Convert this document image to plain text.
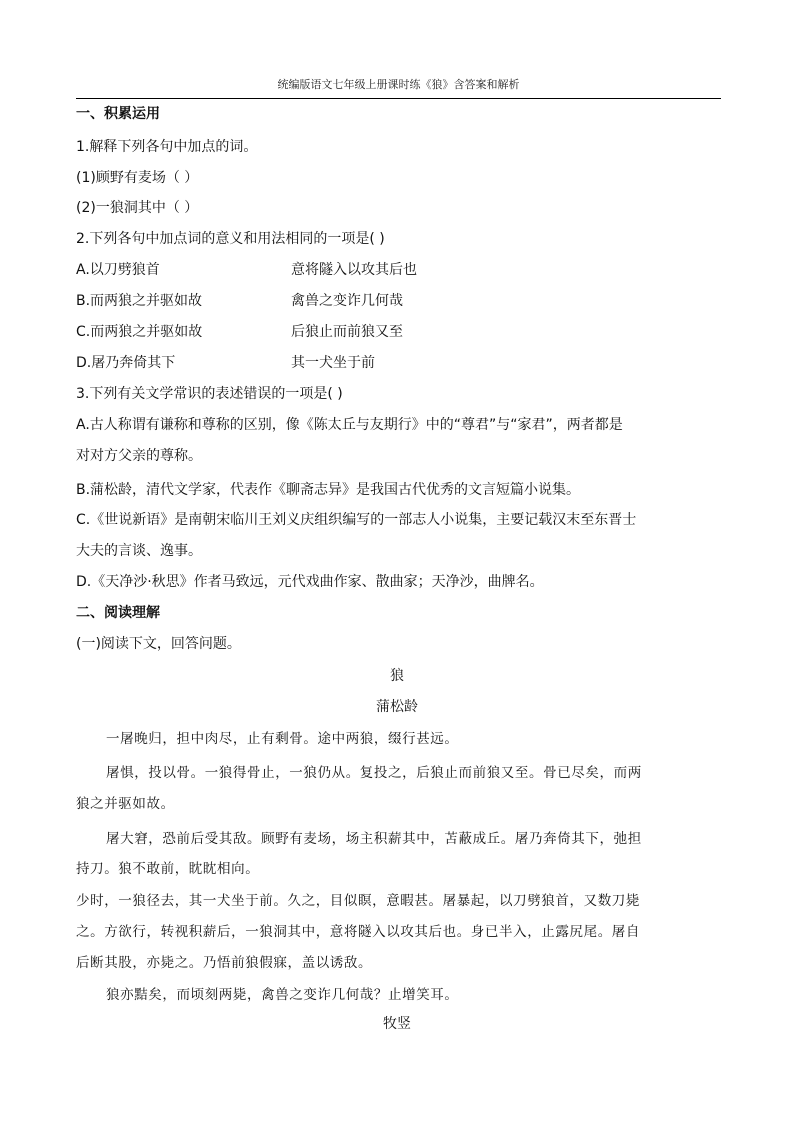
统编版语文七年级上册课时练《狼》含答案和解析
一、积累运用
1.解释下列各句中加点的词。
(1)顾野有麦场（ ）
(2)一狼洞其中（ ）
2.下列各句中加点词的意义和用法相同的一项是( )
A.以刀劈狼首	意将隧入以攻其后也
B.而两狼之并驱如故	禽兽之变诈几何哉
C.而两狼之并驱如故	后狼止而前狼又至
D.屠乃奔倚其下	其一犬坐于前
3.下列有关文学常识的表述错误的一项是( )
A.古人称谓有谦称和尊称的区别，像《陈太丘与友期行》中的“尊君”与“家君”，两者都是
对对方父亲的尊称。
B.蒲松龄，清代文学家，代表作《聊斋志异》是我国古代优秀的文言短篇小说集。
C.《世说新语》是南朝宋临川王刘义庆组织编写的一部志人小说集，主要记载汉末至东晋士
大夫的言谈、逸事。
D.《天净沙·秋思》作者马致远，元代戏曲作家、散曲家；天净沙，曲牌名。
二、阅读理解
(一)阅读下文，回答问题。
狼
蒲松龄
一屠晚归，担中肉尽，止有剩骨。途中两狼，缀行甚远。
屠惧，投以骨。一狼得骨止，一狼仍从。复投之，后狼止而前狼又至。骨已尽矣，而两
狼之并驱如故。
屠大窘，恐前后受其敌。顾野有麦场，场主积薪其中，苫蔽成丘。屠乃奔倚其下，弛担
持刀。狼不敢前，眈眈相向。
少时，一狼径去，其一犬坐于前。久之，目似瞑，意暇甚。屠暴起，以刀劈狼首，又数刀毙
之。方欲行，转视积薪后，一狼洞其中，意将隧入以攻其后也。身已半入，止露尻尾。屠自
后断其股，亦毙之。乃悟前狼假寐，盖以诱敌。
狼亦黠矣，而顷刻两毙，禽兽之变诈几何哉？止增笑耳。
牧竖
